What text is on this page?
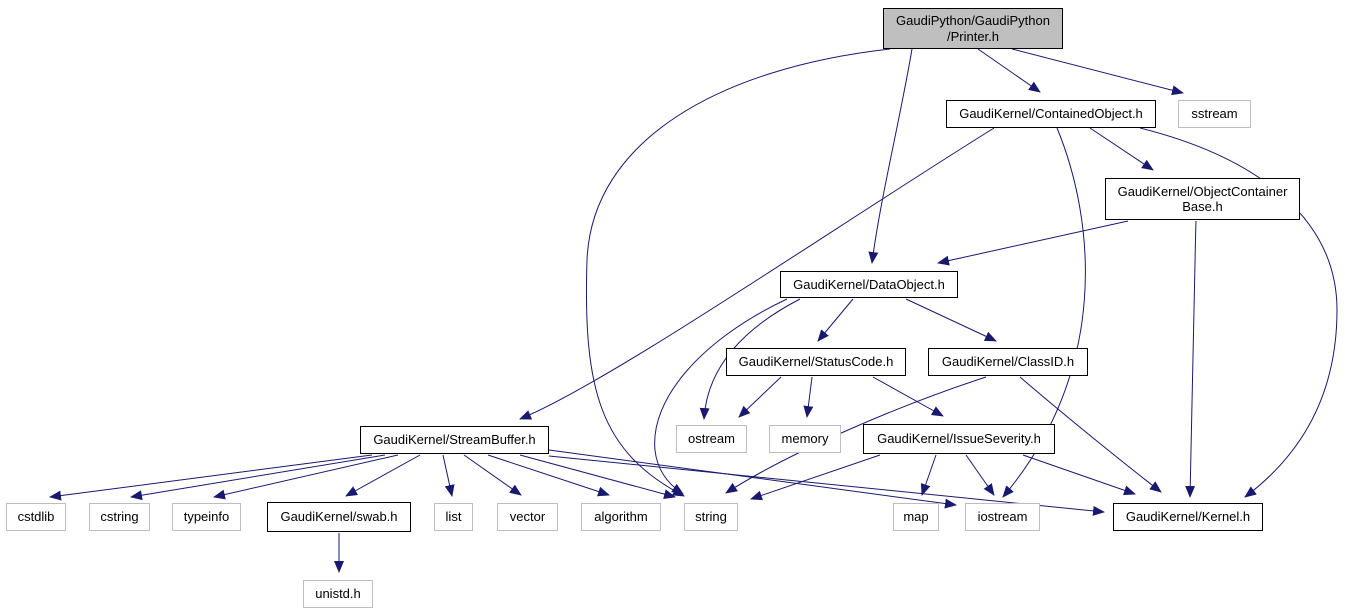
GaudiPython/GaudiPython
/Printer.h
GaudiKernel/ContainedObject.h	sstream
GaudiKernel/ObjectContainer
Base.h
GaudiKernel/DataObject.h
GaudiKernel/StatusCode.h	GaudiKernel/ClassID.h
ostream	memory	GaudiKernel/IssueSeverity.h
GaudiKernel/StreamBuffer.h
cstdlib	cstring	typeinfo	GaudiKernel/swab.h	list	vector	algorithm	string	map	iostream	GaudiKernel/Kernel.h
unistd.h
